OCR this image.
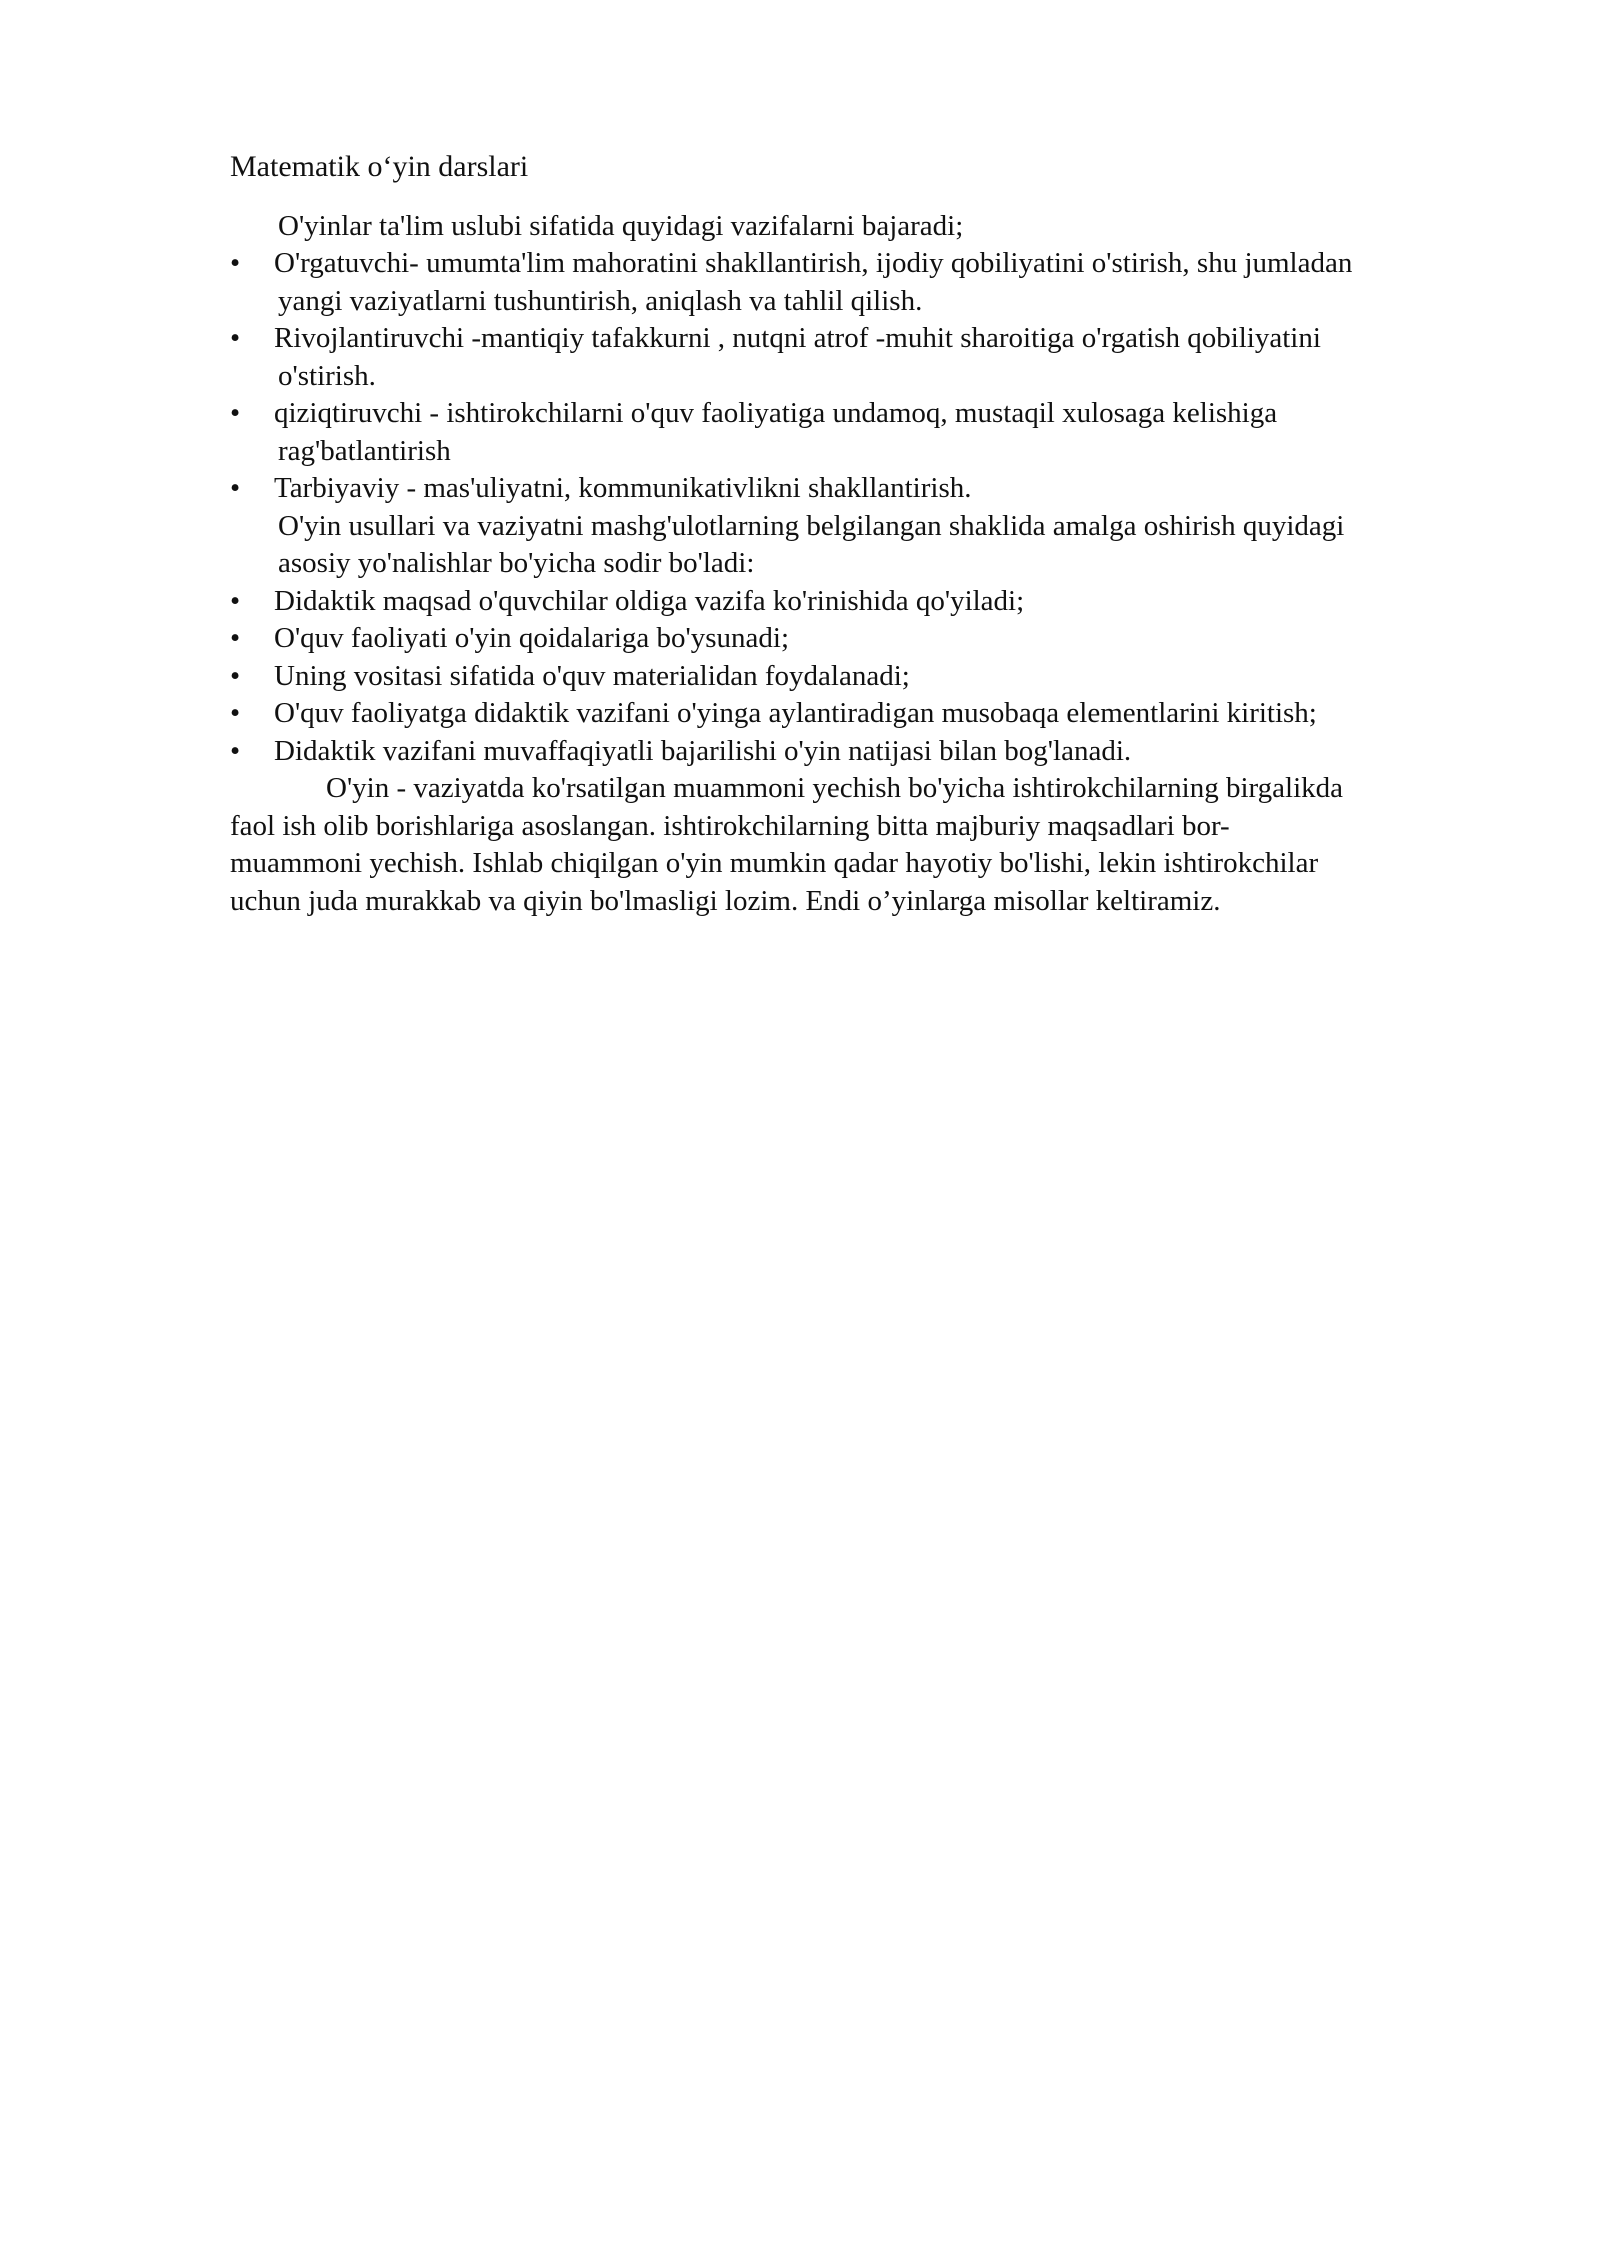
Matematik o‘yin darslari

O'yinlar ta'lim uslubi sifatida quyidagi vazifalarni bajaradi;

•	O'rgatuvchi- umumta'lim mahoratini shakllantirish, ijodiy qobiliyatini o'stirish, shu jumladan
yangi vaziyatlarni tushuntirish, aniqlash va tahlil qilish.
•	Rivojlantiruvchi -mantiqiy tafakkurni , nutqni atrof -muhit sharoitiga o'rgatish qobiliyatini
o'stirish.
•	qiziqtiruvchi - ishtirokchilarni o'quv faoliyatiga undamoq, mustaqil xulosaga kelishiga
rag'batlantirish
•	Tarbiyaviy - mas'uliyatni, kommunikativlikni shakllantirish.

O'yin usullari va vaziyatni mashg'ulotlarning belgilangan shaklida amalga oshirish quyidagi
asosiy yo'nalishlar bo'yicha sodir bo'ladi:

•	Didaktik maqsad o'quvchilar oldiga vazifa ko'rinishida qo'yiladi;
•	O'quv faoliyati o'yin qoidalariga bo'ysunadi;
•	Uning vositasi sifatida o'quv materialidan foydalanadi;
•	O'quv faoliyatga didaktik vazifani o'yinga aylantiradigan musobaqa elementlarini kiritish;
•	Didaktik vazifani muvaffaqiyatli bajarilishi o'yin natijasi bilan bog'lanadi.
O'yin - vaziyatda ko'rsatilgan muammoni yechish bo'yicha ishtirokchilarning birgalikda
faol ish olib borishlariga asoslangan. ishtirokchilarning bitta majburiy maqsadlari bor-
muammoni yechish. Ishlab chiqilgan o'yin mumkin qadar hayotiy bo'lishi, lekin ishtirokchilar
uchun juda murakkab va qiyin bo'lmasligi lozim. Endi o’yinlarga misollar keltiramiz.
